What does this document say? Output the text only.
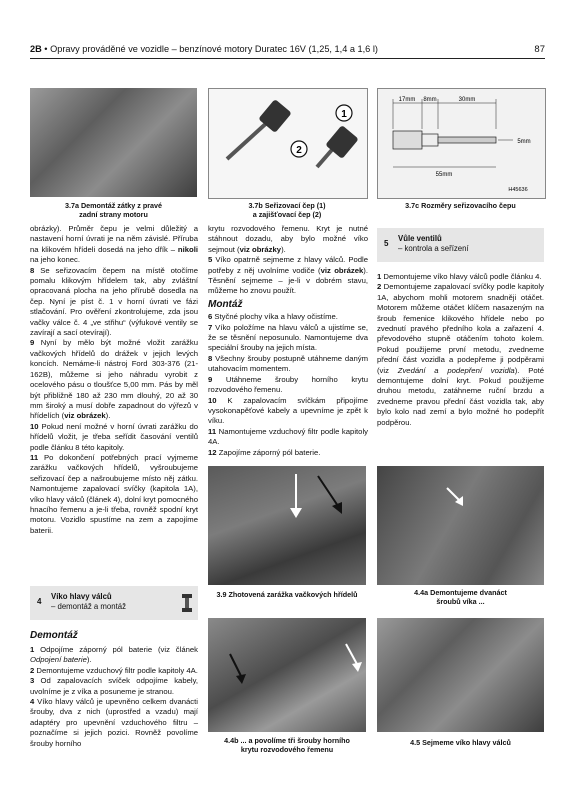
2B • Opravy prováděné ve vozidle – benzínové motory Duratec 16V (1,25, 1,4 a 1,6 l)	87
3.7a Demontáž zátky z pravé
zadní strany motoru
2
1
3.7b Seřizovací čep (1)
a zajišťovací čep (2)
17mm 8mm	30mm
5mm
55mm
H45636
3.7c Rozměry seřizovacího čepu

obrázky). Průměr čepu je velmi důležitý a nastavení horní úvrati je na něm závislé. Příruba na klikovém hřídeli dosedá na jeho dřík – nikoli na jeho konec.

8 Se seřizovacím čepem na místě otočíme pomalu klikovým hřídelem tak, aby zvláštní opracovaná plocha na jeho přírubě dosedla na čep. Nyní je píst č. 1 v horní úvrati ve fázi stlačování. Pro ověření zkontrolujeme, zda jsou vačky válce č. 4 „ve střihu“ (výfukové ventily se zavírají a sací otevírají).

9 Nyní by mělo být možné vložit zarážku vačkových hřídelů do drážek v jejich levých koncích. Nemáme-li nástroj Ford 303-376 (21-162B), můžeme si jeho náhradu vyrobit z ocelového pásu o tloušťce 5,00 mm. Pás by měl být přibližně 180 až 230 mm dlouhý, 20 až 30 mm široký a musí dobře zapadnout do výřezů v hřídelích (viz obrázek).

10 Pokud není možné v horní úvrati zarážku do hřídelů vložit, je třeba seřídit časování ventilů podle článku 8 této kapitoly.

11 Po dokončení potřebných prací vyjmeme zarážku vačkových hřídelů, vyšroubujeme seřizovací čep a našroubujeme místo něj zátku. Namontujeme zapalovací svíčky (kapitola 1A), víko hlavy válců (článek 4), dolní kryt pomocného hnacího řemenu a je-li třeba, rovněž spodní kryt motoru. Vozidlo spustíme na zem a zapojíme baterii.

4
Víko hlavy válců
– demontáž a montáž
Demontáž

1 Odpojíme záporný pól baterie (viz článek Odpojení baterie).

2 Demontujeme vzduchový filtr podle kapitoly 4A.

3 Od zapalovacích svíček odpojíme kabely, uvolníme je z víka a posuneme je stranou.

4 Víko hlavy válců je upevněno celkem dvanácti šrouby, dva z nich (uprostřed a vzadu) mají adaptéry pro upevnění vzduchového filtru – poznačíme si jejich pozici. Rovněž povolíme šrouby horního

krytu rozvodového řemenu. Kryt je nutné stáhnout dozadu, aby bylo možné víko sejmout (viz obrázky).

5 Víko opatrně sejmeme z hlavy válců. Podle potřeby z něj uvolníme vodiče (viz obrázek). Těsnění sejmeme – je-li v dobrém stavu, můžeme ho znovu použít.

Montáž

6 Styčné plochy víka a hlavy očistíme.

7 Víko položíme na hlavu válců a ujistíme se, že se těsnění neposunulo. Namontujeme dva speciální šrouby na jejich místa.

8 Všechny šrouby postupně utáhneme daným utahovacím momentem.

9 Utáhneme šrouby horního krytu rozvodového řemenu.

10 K zapalovacím svíčkám připojíme vysokonapěťové kabely a upevníme je zpět k víku.

11 Namontujeme vzduchový filtr podle kapitoly 4A.

12 Zapojíme záporný pól baterie.

5
Vůle ventilů
– kontrola a seřízení

1 Demontujeme víko hlavy válců podle článku 4.

2 Demontujeme zapalovací svíčky podle kapitoly 1A, abychom mohli motorem snadněji otáčet. Motorem můžeme otáčet klíčem nasazeným na šroub řemenice klikového hřídele nebo po zvednutí pravého předního kola a zařazení 4. převodového stupně otáčením tohoto kolem. Pokud použijeme první metodu, zvedneme přední část vozidla a podepřeme ji podpěrami (viz Zvedání a podepření vozidla). Poté demontujeme dolní kryt. Pokud použijeme druhou metodu, zatáhneme ruční brzdu a zvedneme pravou přední část vozidla tak, aby bylo kolo nad zemí a bylo možné ho podepřít podpěrou.

3.9 Zhotovená zarážka vačkových hřídelů	4.4a Demontujeme dvanáct
šroubů víka ...
4.4b ... a povolíme tři šrouby horního
krytu rozvodového řemenu
4.5 Sejmeme víko hlavy válců
